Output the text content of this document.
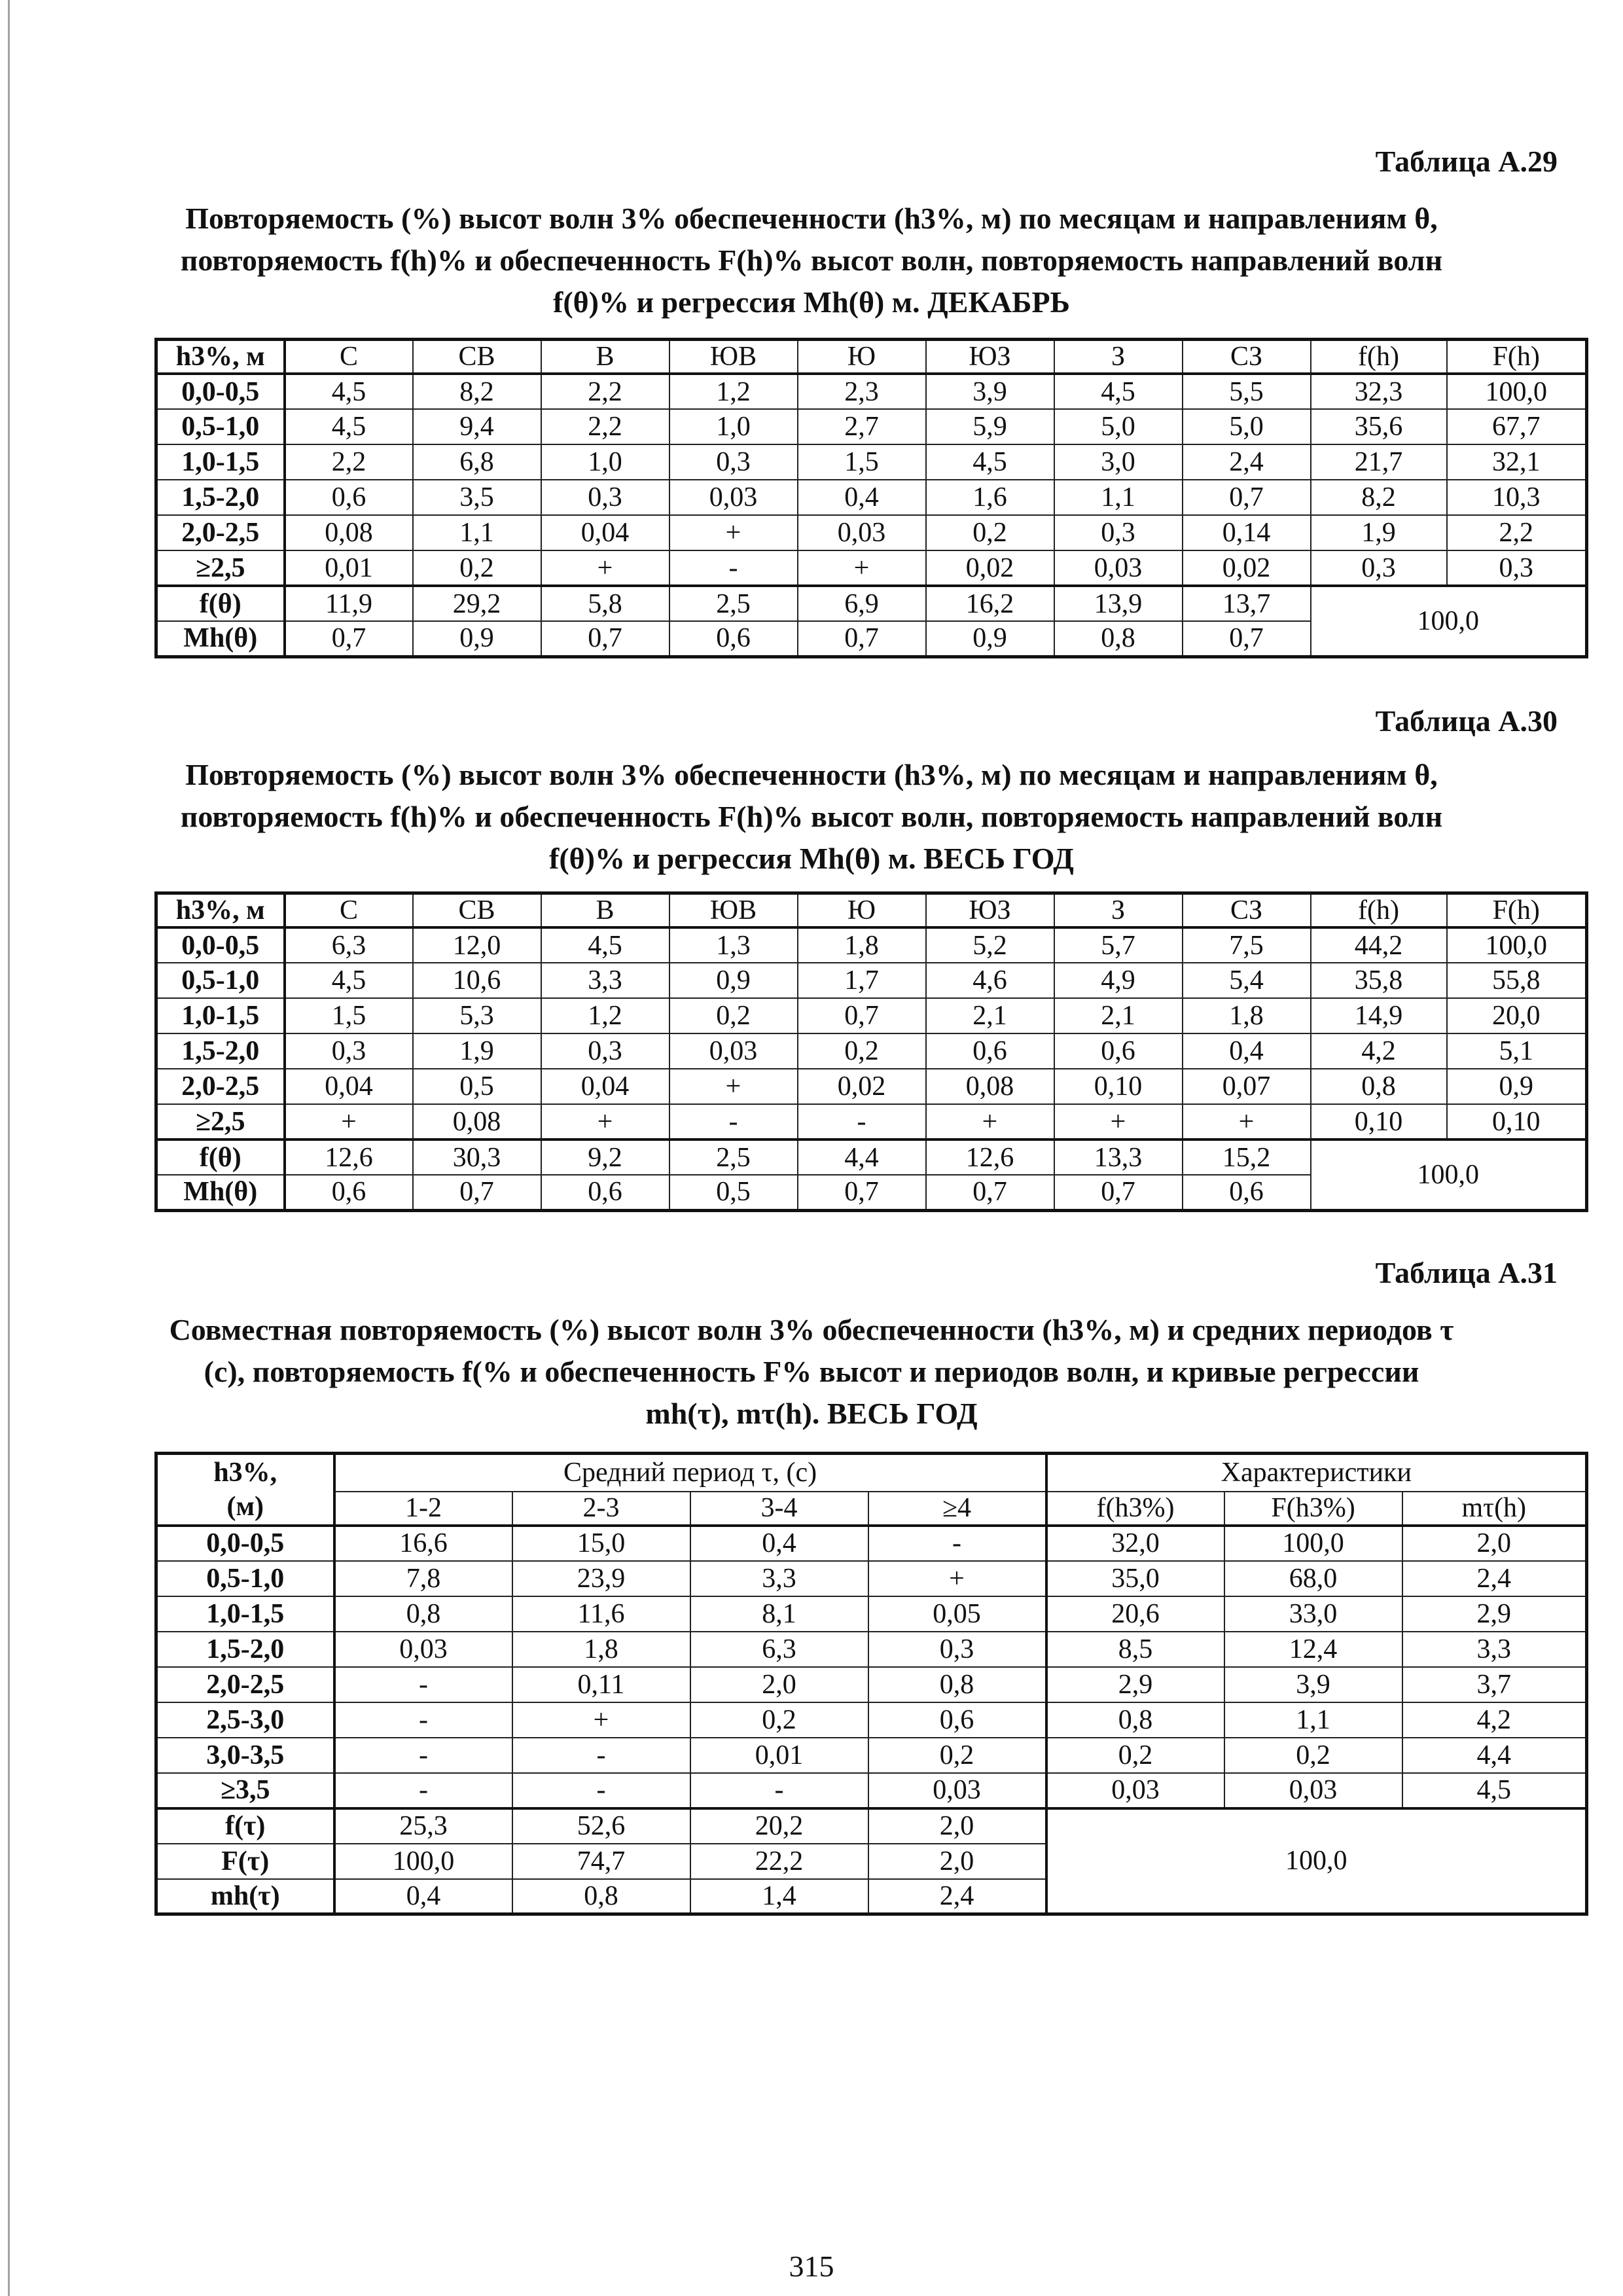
Таблица А.29
Повторяемость (%) высот волн 3% обеспеченности (h3%, м) по месяцам и направлениям θ,
повторяемость f(h)% и обеспеченность F(h)% высот волн, повторяемость направлений волн
f(θ)% и регрессия Mh(θ) м. ДЕКАБРЬ
h3%, м	С	СВ	В	ЮВ	Ю	ЮЗ	З	СЗ	f(h)	F(h)
0,0-0,5	4,5	8,2	2,2	1,2	2,3	3,9	4,5	5,5	32,3	100,0
0,5-1,0	4,5	9,4	2,2	1,0	2,7	5,9	5,0	5,0	35,6	67,7
1,0-1,5	2,2	6,8	1,0	0,3	1,5	4,5	3,0	2,4	21,7	32,1
1,5-2,0	0,6	3,5	0,3	0,03	0,4	1,6	1,1	0,7	8,2	10,3
2,0-2,5	0,08	1,1	0,04	+	0,03	0,2	0,3	0,14	1,9	2,2
≥2,5	0,01	0,2	+	-	+	0,02	0,03	0,02	0,3	0,3
f(θ)	11,9	29,2	5,8	2,5	6,9	16,2	13,9	13,7	100,0	
Mh(θ)	0,7	0,9	0,7	0,6	0,7	0,9	0,8	0,7		
Таблица А.30
Повторяемость (%) высот волн 3% обеспеченности (h3%, м) по месяцам и направлениям θ,
повторяемость f(h)% и обеспеченность F(h)% высот волн, повторяемость направлений волн
f(θ)% и регрессия Mh(θ) м. ВЕСЬ ГОД
h3%, м	С	СВ	В	ЮВ	Ю	ЮЗ	З	СЗ	f(h)	F(h)
0,0-0,5	6,3	12,0	4,5	1,3	1,8	5,2	5,7	7,5	44,2	100,0
0,5-1,0	4,5	10,6	3,3	0,9	1,7	4,6	4,9	5,4	35,8	55,8
1,0-1,5	1,5	5,3	1,2	0,2	0,7	2,1	2,1	1,8	14,9	20,0
1,5-2,0	0,3	1,9	0,3	0,03	0,2	0,6	0,6	0,4	4,2	5,1
2,0-2,5	0,04	0,5	0,04	+	0,02	0,08	0,10	0,07	0,8	0,9
≥2,5	+	0,08	+	-	-	+	+	+	0,10	0,10
f(θ)	12,6	30,3	9,2	2,5	4,4	12,6	13,3	15,2	100,0	
Mh(θ)	0,6	0,7	0,6	0,5	0,7	0,7	0,7	0,6		
Таблица А.31
Совместная повторяемость (%) высот волн 3% обеспеченности (h3%, м) и средних периодов τ
(с), повторяемость f(% и обеспеченность F% высот и периодов волн, и кривые регрессии
mh(τ), mτ(h). ВЕСЬ ГОД
h3%,
(м)	Средний период τ, (с)				Характеристики		
	1-2	2-3	3-4	≥4	f(h3%)	F(h3%)	mτ(h)
0,0-0,5	16,6	15,0	0,4	-	32,0	100,0	2,0
0,5-1,0	7,8	23,9	3,3	+	35,0	68,0	2,4
1,0-1,5	0,8	11,6	8,1	0,05	20,6	33,0	2,9
1,5-2,0	0,03	1,8	6,3	0,3	8,5	12,4	3,3
2,0-2,5	-	0,11	2,0	0,8	2,9	3,9	3,7
2,5-3,0	-	+	0,2	0,6	0,8	1,1	4,2
3,0-3,5	-	-	0,01	0,2	0,2	0,2	4,4
≥3,5	-	-	-	0,03	0,03	0,03	4,5
f(τ)	25,3	52,6	20,2	2,0	100,0		
F(τ)	100,0	74,7	22,2	2,0			
mh(τ)	0,4	0,8	1,4	2,4			
315
